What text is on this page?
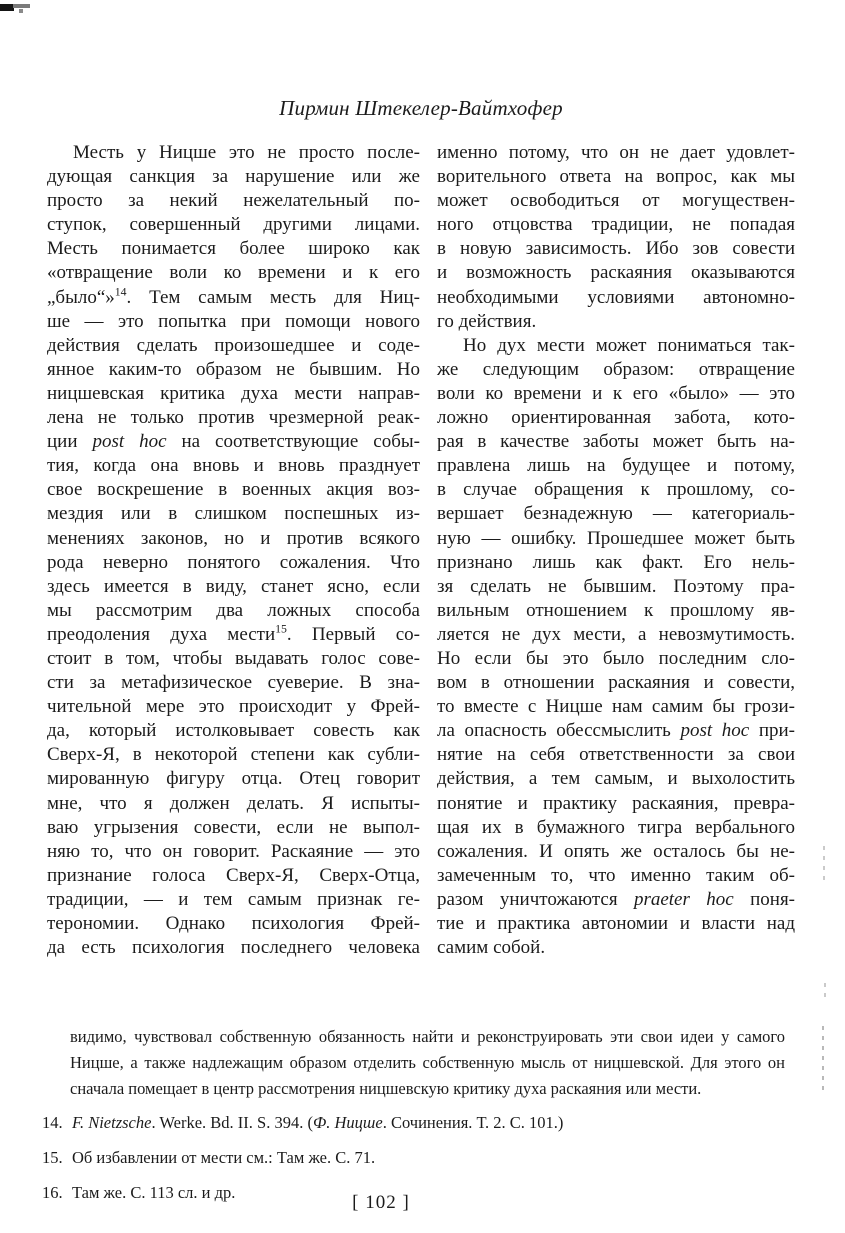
Пирмин Штекелер-Вайтхофер
Месть у Ницше это не просто после-
дующая санкция за нарушение или же
просто за некий нежелательный по-
ступок, совершенный другими лицами.
Месть понимается более широко как
«отвращение воли ко времени и к его
„было“»$^{14}$. Тем самым месть для Ниц-
ше — это попытка при помощи нового
действия сделать произошедшее и соде-
янное каким-то образом не бывшим. Но
ницшевская критика духа мести направ-
лена не только против чрезмерной реак-
ции post hoc на соответствующие собы-
тия, когда она вновь и вновь празднует
свое воскрешение в военных акция воз-
мездия или в слишком поспешных из-
менениях законов, но и против всякого
рода неверно понятого сожаления. Что
здесь имеется в виду, станет ясно, если
мы рассмотрим два ложных способа
преодоления духа мести$^{15}$. Первый со-
стоит в том, чтобы выдавать голос сове-
сти за метафизическое суеверие. В зна-
чительной мере это происходит у Фрей-
да, который истолковывает совесть как
Сверх-Я, в некоторой степени как субли-
мированную фигуру отца. Отец говорит
мне, что я должен делать. Я испыты-
ваю угрызения совести, если не выпол-
няю то, что он говорит. Раскаяние — это
признание голоса Сверх-Я, Сверх-Отца,
традиции, — и тем самым признак ге-
терономии. Однако психология Фрей-
да есть психология последнего человека
именно потому, что он не дает удовлет-
ворительного ответа на вопрос, как мы
может освободиться от могуществен-
ного отцовства традиции, не попадая
в новую зависимость. Ибо зов совести
и возможность раскаяния оказываются
необходимыми условиями автономно-
го действия.
Но дух мести может пониматься так-
же следующим образом: отвращение
воли ко времени и к его «было» — это
ложно ориентированная забота, кото-
рая в качестве заботы может быть на-
правлена лишь на будущее и потому,
в случае обращения к прошлому, со-
вершает безнадежную — категориаль-
ную — ошибку. Прошедшее может быть
признано лишь как факт. Его нель-
зя сделать не бывшим. Поэтому пра-
вильным отношением к прошлому яв-
ляется не дух мести, а невозмутимость.
Но если бы это было последним сло-
вом в отношении раскаяния и совести,
то вместе с Ницше нам самим бы грози-
ла опасность обессмыслить post hoc при-
нятие на себя ответственности за свои
действия, а тем самым, и выхолостить
понятие и практику раскаяния, превра-
щая их в бумажного тигра вербального
сожаления. И опять же осталось бы не-
замеченным то, что именно таким об-
разом уничтожаются praeter hoc поня-
тие и практика автономии и власти над
самим собой.
видимо, чувствовал собственную обязанность найти и реконструировать эти свои идеи у самого
Ницше, а также надлежащим образом отделить собственную мысль от ницшевской. Для этого он
сначала помещает в центр рассмотрения ницшевскую критику духа раскаяния или мести.
14. F. Nietzsche. Werke. Bd. II. S. 394. (Ф. Ницше. Сочинения. Т. 2. С. 101.)
15. Об избавлении от мести см.: Там же. С. 71.
16. Там же. С. 113 сл. и др.	[ 102 ]
